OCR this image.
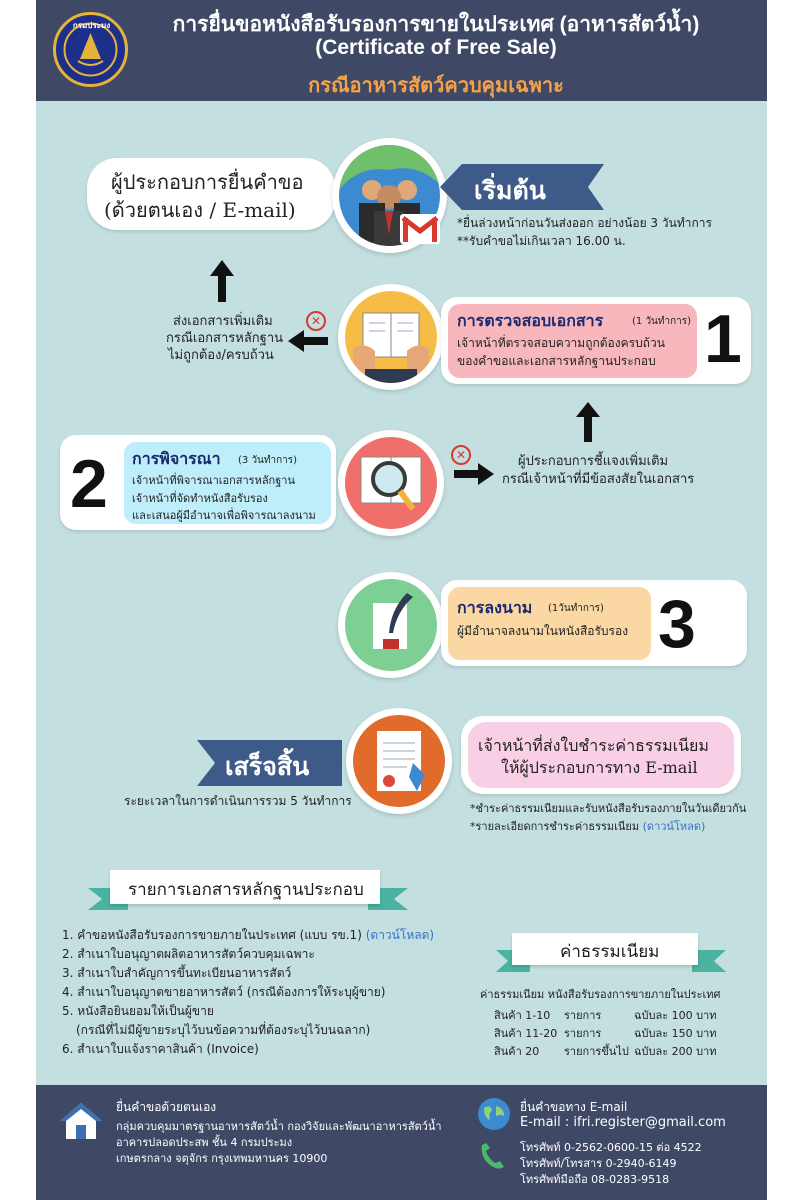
กรมประมง	การยื่นขอหนังสือรับรองการขายในประเทศ (อาหารสัตว์น้ำ)
(Certificate of Free Sale)
กรณีอาหารสัตว์ควบคุมเฉพาะ
ผู้ประกอบการยื่นคำขอ
(ด้วยตนเอง / E-mail)
เริ่มต้น
*ยื่นล่วงหน้าก่อนวันส่งออก อย่างน้อย 3 วันทำการ
**รับคำขอไม่เกินเวลา 16.00 น.
ส่งเอกสารเพิ่มเติม
กรณีเอกสารหลักฐาน
ไม่ถูกต้อง/ครบถ้วน
✕	การตรวจสอบเอกสาร	(1 วันทำการ)
เจ้าหน้าที่ตรวจสอบความถูกต้องครบถ้วน
ของคำขอและเอกสารหลักฐานประกอบ 1
2 การพิจารณา (3 วันทำการ)
เจ้าหน้าที่พิจารณาเอกสารหลักฐาน
เจ้าหน้าที่จัดทำหนังสือรับรอง
และเสนอผู้มีอำนาจเพื่อพิจารณาลงนาม
✕	ผู้ประกอบการชี้แจงเพิ่มเติม
กรณีเจ้าหน้าที่มีข้อสงสัยในเอกสาร
การลงนาม (1วันทำการ)
ผู้มีอำนาจลงนามในหนังสือรับรอง 3
เสร็จสิ้น
ระยะเวลาในการดำเนินการรวม 5 วันทำการ
เจ้าหน้าที่ส่งใบชำระค่าธรรมเนียม
ให้ผู้ประกอบการทาง E-mail
*ชำระค่าธรรมเนียมและรับหนังสือรับรองภายในวันเดียวกัน
*รายละเอียดการชำระค่าธรรมเนียม (ดาวน์โหลด)
รายการเอกสารหลักฐานประกอบ
1. คำขอหนังสือรับรองการขายภายในประเทศ (แบบ รข.1) (ดาวน์โหลด)
2. สำเนาใบอนุญาตผลิตอาหารสัตว์ควบคุมเฉพาะ
3. สำเนาใบสำคัญการขึ้นทะเบียนอาหารสัตว์
4. สำเนาใบอนุญาตขายอาหารสัตว์ (กรณีต้องการให้ระบุผู้ขาย)
5. หนังสือยินยอมให้เป็นผู้ขาย
(กรณีที่ไม่มีผู้ขายระบุไว้บนข้อความที่ต้องระบุไว้บนฉลาก)
6. สำเนาใบแจ้งราคาสินค้า (Invoice)
ค่าธรรมเนียม
ค่าธรรมเนียม หนังสือรับรองการขายภายในประเทศ
สินค้า 1-10 รายการ	ฉบับละ 100 บาท
สินค้า 11-20 รายการ	ฉบับละ 150 บาท
สินค้า 20 รายการขึ้นไป ฉบับละ 200 บาท
ยื่นคำขอด้วยตนเอง
กลุ่มควบคุมมาตรฐานอาหารสัตว์น้ำ กองวิจัยและพัฒนาอาหารสัตว์น้ำ
อาคารปลอดประสพ ชั้น 4 กรมประมง
เกษตรกลาง จตุจักร กรุงเทพมหานคร 10900
ยื่นคำขอทาง E-mail
E-mail : ifri.register@gmail.com
โทรศัพท์ 0-2562-0600-15 ต่อ 4522
โทรศัพท์/โทรสาร 0-2940-6149
โทรศัพท์มือถือ 08-0283-9518
